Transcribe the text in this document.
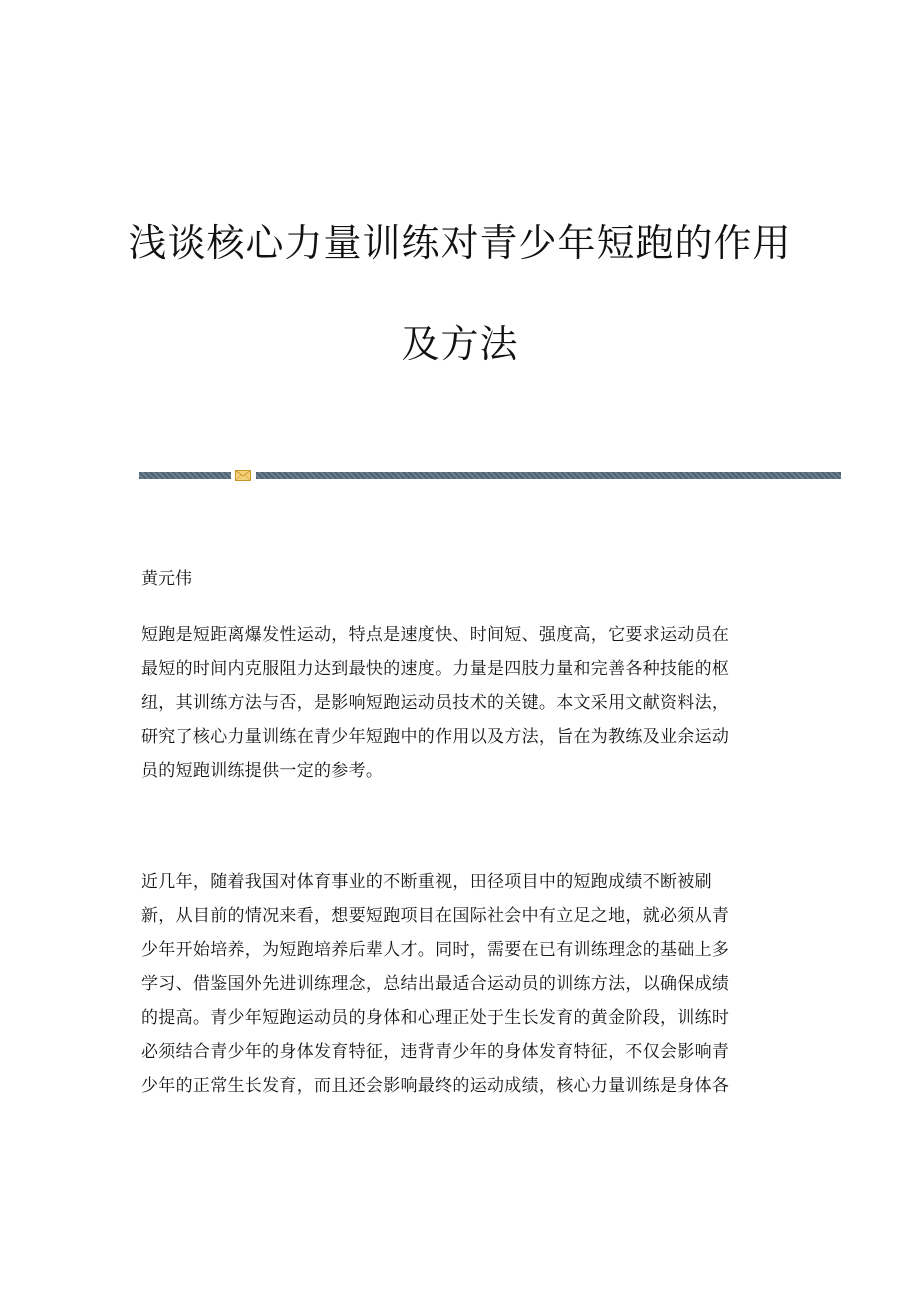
浅谈核心力量训练对青少年短跑的作用
及方法

黄元伟

短跑是短距离爆发性运动，特点是速度快、时间短、强度高，它要求运动员在
最短的时间内克服阻力达到最快的速度。力量是四肢力量和完善各种技能的枢
纽，其训练方法与否，是影响短跑运动员技术的关键。本文采用文献资料法，
研究了核心力量训练在青少年短跑中的作用以及方法，旨在为教练及业余运动
员的短跑训练提供一定的参考。

近几年，随着我国对体育事业的不断重视，田径项目中的短跑成绩不断被刷
新，从目前的情况来看，想要短跑项目在国际社会中有立足之地，就必须从青
少年开始培养，为短跑培养后辈人才。同时，需要在已有训练理念的基础上多
学习、借鉴国外先进训练理念，总结出最适合运动员的训练方法，以确保成绩
的提高。青少年短跑运动员的身体和心理正处于生长发育的黄金阶段，训练时
必须结合青少年的身体发育特征，违背青少年的身体发育特征，不仅会影响青
少年的正常生长发育，而且还会影响最终的运动成绩，核心力量训练是身体各
